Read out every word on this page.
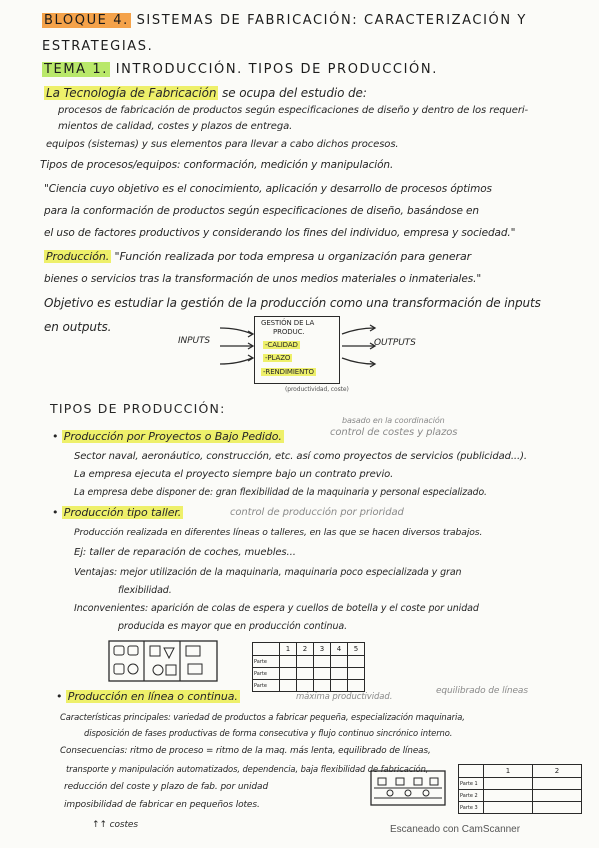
BLOQUE 4. SISTEMAS DE FABRICACIÓN: CARACTERIZACIÓN Y
ESTRATEGIAS.
TEMA 1. INTRODUCCIÓN. TIPOS DE PRODUCCIÓN.
La Tecnología de Fabricación se ocupa del estudio de:
procesos de fabricación de productos según especificaciones de diseño y dentro de los requeri-
mientos de calidad, costes y plazos de entrega.
equipos (sistemas) y sus elementos para llevar a cabo dichos procesos.
Tipos de procesos/equipos: conformación, medición y manipulación.
"Ciencia cuyo objetivo es el conocimiento, aplicación y desarrollo de procesos óptimos
para la conformación de productos según especificaciones de diseño, basándose en
el uso de factores productivos y considerando los fines del individuo, empresa y sociedad."
Producción. "Función realizada por toda empresa u organización para generar
bienes o servicios tras la transformación de unos medios materiales o inmateriales."
Objetivo es estudiar la gestión de la producción como una transformación de inputs
en outputs.
INPUTS
GESTIÓN DE LA
PRODUC.
-CALIDAD
-PLAZO
-RENDIMIENTO
(productividad, coste)
OUTPUTS
TIPOS DE PRODUCCIÓN:
• Producción por Proyectos o Bajo Pedido.
basado en la coordinación
control de costes y plazos
Sector naval, aeronáutico, construcción, etc. así como proyectos de servicios (publicidad...).
La empresa ejecuta el proyecto siempre bajo un contrato previo.
La empresa debe disponer de: gran flexibilidad de la maquinaria y personal especializado.
• Producción tipo taller.	control de producción por prioridad
Producción realizada en diferentes líneas o talleres, en las que se hacen diversos trabajos.
Ej: taller de reparación de coches, muebles...
Ventajas: mejor utilización de la maquinaria, maquinaria poco especializada y gran
flexibilidad.
Inconvenientes: aparición de colas de espera y cuellos de botella y el coste por unidad
producida es mayor que en producción continua.
	1	2	3	4	5
Parte					
Parte					
Parte					
• Producción en línea o continua.	máxima productividad.
equilibrado de líneas
Características principales: variedad de productos a fabricar pequeña, especialización maquinaria,
disposición de fases productivas de forma consecutiva y flujo continuo sincrónico interno.
Consecuencias: ritmo de proceso = ritmo de la maq. más lenta, equilibrado de líneas,
transporte y manipulación automatizados, dependencia, baja flexibilidad de fabricación,
reducción del coste y plazo de fab. por unidad
imposibilidad de fabricar en pequeños lotes.
↑↑ costes
	1	2
Parte 1		
Parte 2		
Parte 3		
Escaneado con CamScanner
